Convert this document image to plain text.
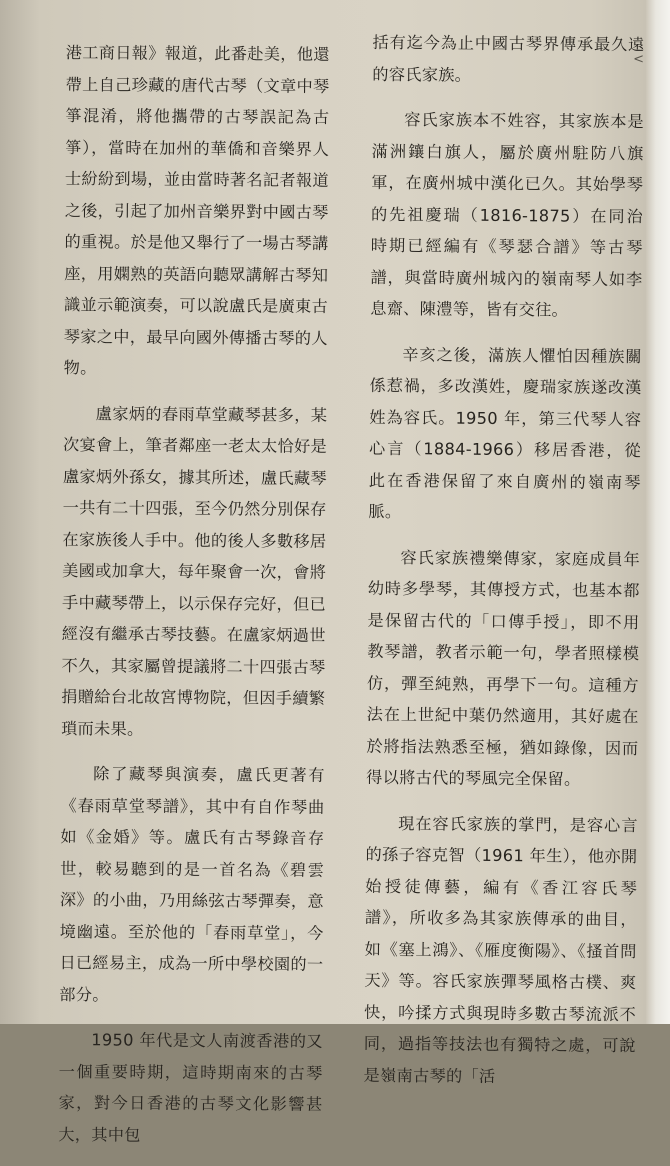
港工商日報》報道，此番赴美，他還帶上自己珍藏的唐代古琴（文章中琴箏混淆，將他攜帶的古琴誤記為古箏），當時在加州的華僑和音樂界人士紛紛到場，並由當時著名記者報道之後，引起了加州音樂界對中國古琴的重視。於是他又舉行了一場古琴講座，用嫻熟的英語向聽眾講解古琴知識並示範演奏，可以說盧氏是廣東古琴家之中，最早向國外傳播古琴的人物。

盧家炳的春雨草堂藏琴甚多，某次宴會上，筆者鄰座一老太太恰好是盧家炳外孫女，據其所述，盧氏藏琴一共有二十四張，至今仍然分別保存在家族後人手中。他的後人多數移居美國或加拿大，每年聚會一次，會將手中藏琴帶上，以示保存完好，但已經沒有繼承古琴技藝。在盧家炳過世不久，其家屬曾提議將二十四張古琴捐贈給台北故宮博物院，但因手續繁瑣而未果。

除了藏琴與演奏，盧氏更著有《春雨草堂琴譜》，其中有自作琴曲如《金婚》等。盧氏有古琴錄音存世，較易聽到的是一首名為《碧雲深》的小曲，乃用絲弦古琴彈奏，意境幽遠。至於他的「春雨草堂」，今日已經易主，成為一所中學校園的一部分。

1950 年代是文人南渡香港的又一個重要時期，這時期南來的古琴家，對今日香港的古琴文化影響甚大，其中包

括有迄今為止中國古琴界傳承最久遠的容氏家族。

容氏家族本不姓容，其家族本是滿洲鑲白旗人，屬於廣州駐防八旗軍，在廣州城中漢化已久。其始學琴的先祖慶瑞（1816-1875）在同治時期已經編有《琴瑟合譜》等古琴譜，與當時廣州城內的嶺南琴人如李息齋、陳澧等，皆有交往。

辛亥之後，滿族人懼怕因種族關係惹禍，多改漢姓，慶瑞家族遂改漢姓為容氏。1950 年，第三代琴人容心言（1884-1966）移居香港，從此在香港保留了來自廣州的嶺南琴脈。

容氏家族禮樂傳家，家庭成員年幼時多學琴，其傳授方式，也基本都是保留古代的「口傳手授」，即不用教琴譜，教者示範一句，學者照樣模仿，彈至純熟，再學下一句。這種方法在上世紀中葉仍然適用，其好處在於將指法熟悉至極，猶如錄像，因而得以將古代的琴風完全保留。

現在容氏家族的掌門，是容心言的孫子容克智（1961 年生），他亦開始授徒傳藝，編有《香江容氏琴譜》，所收多為其家族傳承的曲目，如《塞上鴻》、《雁度衡陽》、《搔首問天》等。容氏家族彈琴風格古樸、爽快，吟揉方式與現時多數古琴流派不同，過指等技法也有獨特之處，可說是嶺南古琴的「活

<
